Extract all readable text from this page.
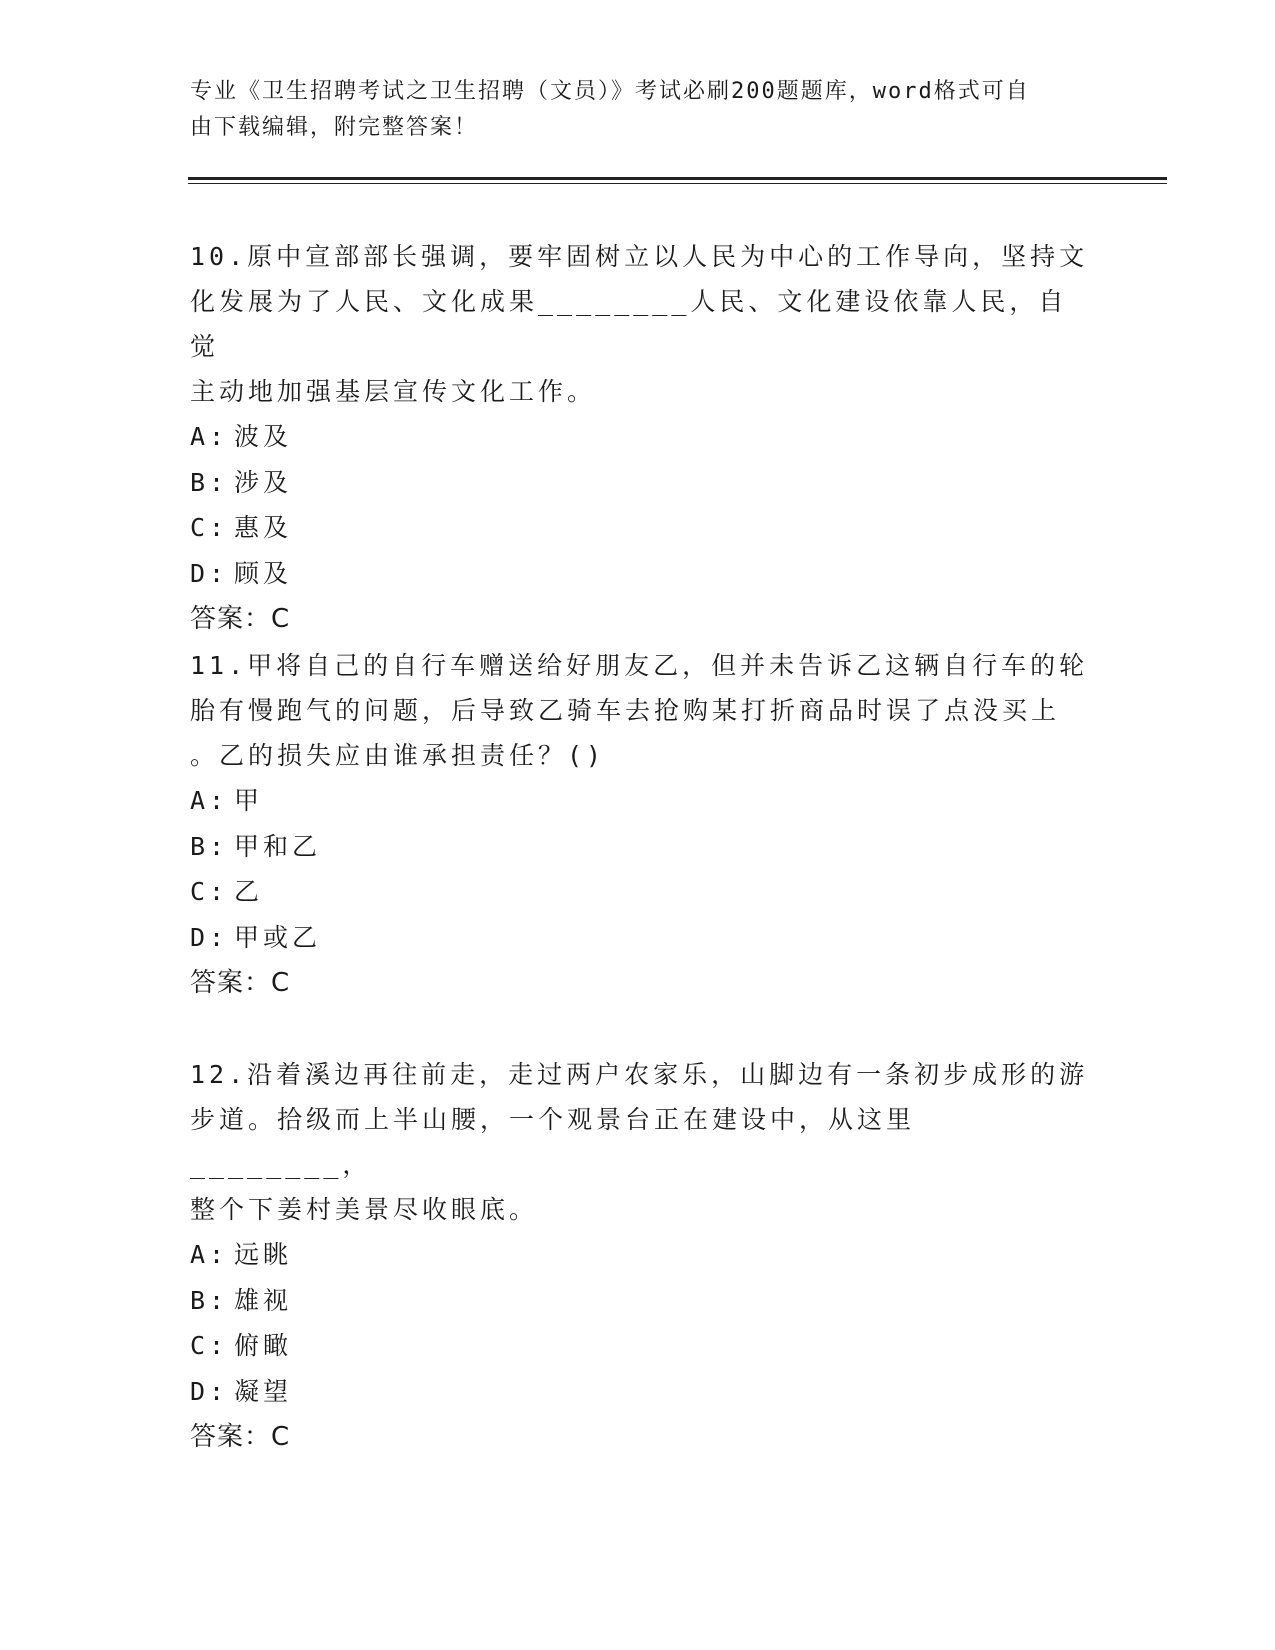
专业《卫生招聘考试之卫生招聘（文员）》考试必刷200题题库，word格式可自
由下载编辑，附完整答案！

10.原中宣部部长强调，要牢固树立以人民为中心的工作导向，坚持文

化发展为了人民、文化成果________人民、文化建设依靠人民，自觉

主动地加强基层宣传文化工作。

A: 波及
B: 涉及
C: 惠及
D: 顾及

答案：C

11.甲将自己的自行车赠送给好朋友乙，但并未告诉乙这辆自行车的轮

胎有慢跑气的问题，后导致乙骑车去抢购某打折商品时误了点没买上

。乙的损失应由谁承担责任？()

A: 甲
B: 甲和乙
C: 乙
D: 甲或乙

答案：C

12.沿着溪边再往前走，走过两户农家乐，山脚边有一条初步成形的游

步道。拾级而上半山腰，一个观景台正在建设中，从这里________，

整个下姜村美景尽收眼底。

A: 远眺
B: 雄视
C: 俯瞰
D: 凝望

答案：C
